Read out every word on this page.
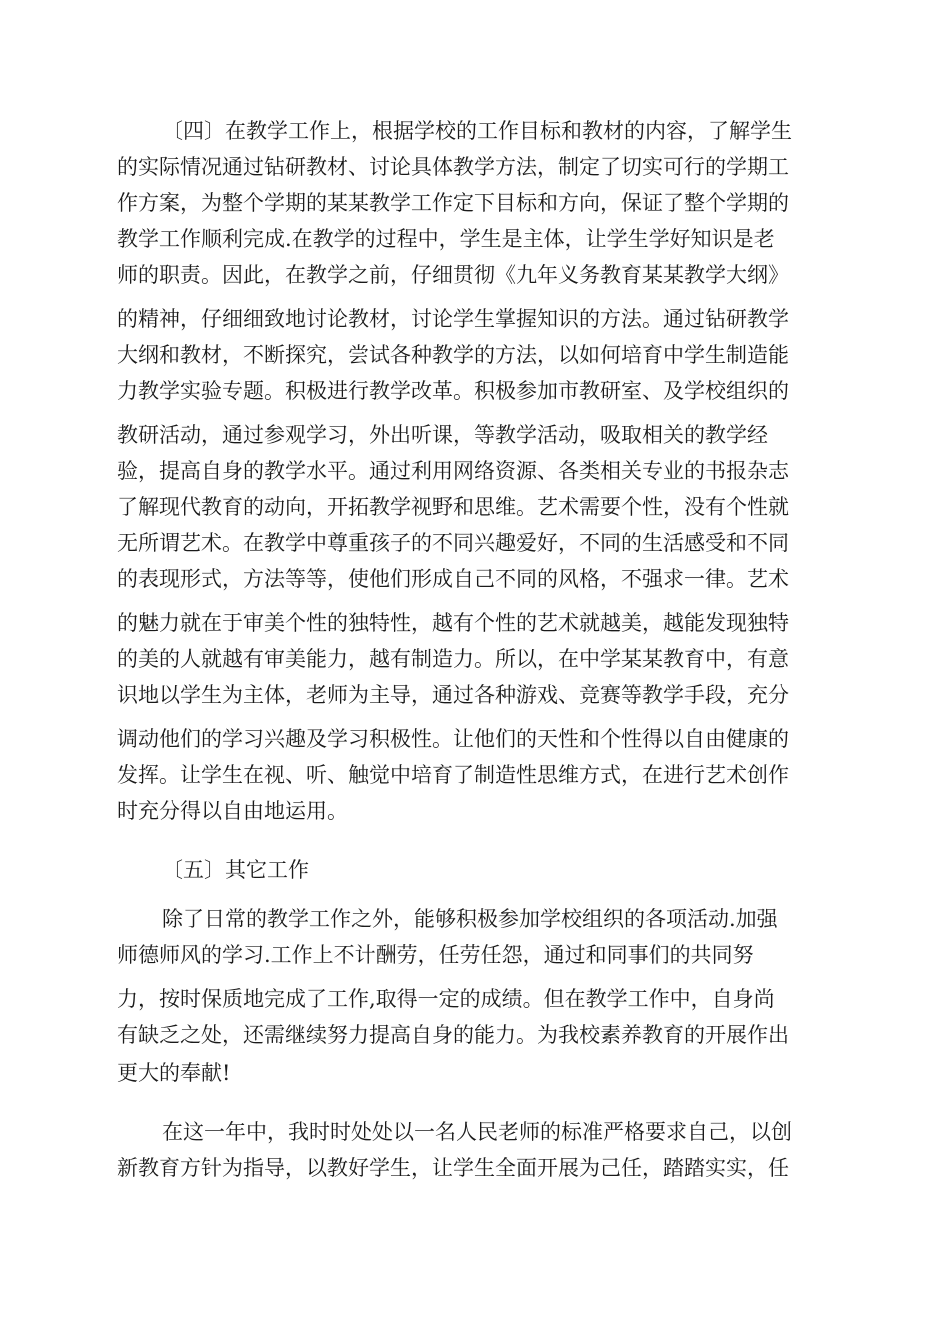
〔四〕在教学工作上，根据学校的工作目标和教材的内容，了解学生
的实际情况通过钻研教材、讨论具体教学方法，制定了切实可行的学期工
作方案，为整个学期的某某教学工作定下目标和方向，保证了整个学期的
教学工作顺利完成.在教学的过程中，学生是主体，让学生学好知识是老
师的职责。因此，在教学之前，仔细贯彻《九年义务教育某某教学大纲》
的精神，仔细细致地讨论教材，讨论学生掌握知识的方法。通过钻研教学
大纲和教材，不断探究，尝试各种教学的方法，以如何培育中学生制造能
力教学实验专题。积极进行教学改革。积极参加市教研室、及学校组织的
教研活动，通过参观学习，外出听课，等教学活动，吸取相关的教学经
验，提高自身的教学水平。通过利用网络资源、各类相关专业的书报杂志
了解现代教育的动向，开拓教学视野和思维。艺术需要个性，没有个性就
无所谓艺术。在教学中尊重孩子的不同兴趣爱好，不同的生活感受和不同
的表现形式，方法等等，使他们形成自己不同的风格，不强求一律。艺术
的魅力就在于审美个性的独特性，越有个性的艺术就越美，越能发现独特
的美的人就越有审美能力，越有制造力。所以，在中学某某教育中，有意
识地以学生为主体，老师为主导，通过各种游戏、竞赛等教学手段，充分
调动他们的学习兴趣及学习积极性。让他们的天性和个性得以自由健康的
发挥。让学生在视、听、触觉中培育了制造性思维方式，在进行艺术创作
时充分得以自由地运用。
〔五〕其它工作
除了日常的教学工作之外，能够积极参加学校组织的各项活动.加强
师德师风的学习.工作上不计酬劳，任劳任怨，通过和同事们的共同努
力，按时保质地完成了工作,取得一定的成绩。但在教学工作中，自身尚
有缺乏之处，还需继续努力提高自身的能力。为我校素养教育的开展作出
更大的奉献!
在这一年中，我时时处处以一名人民老师的标准严格要求自己，以创
新教育方针为指导，以教好学生，让学生全面开展为己任，踏踏实实，任
